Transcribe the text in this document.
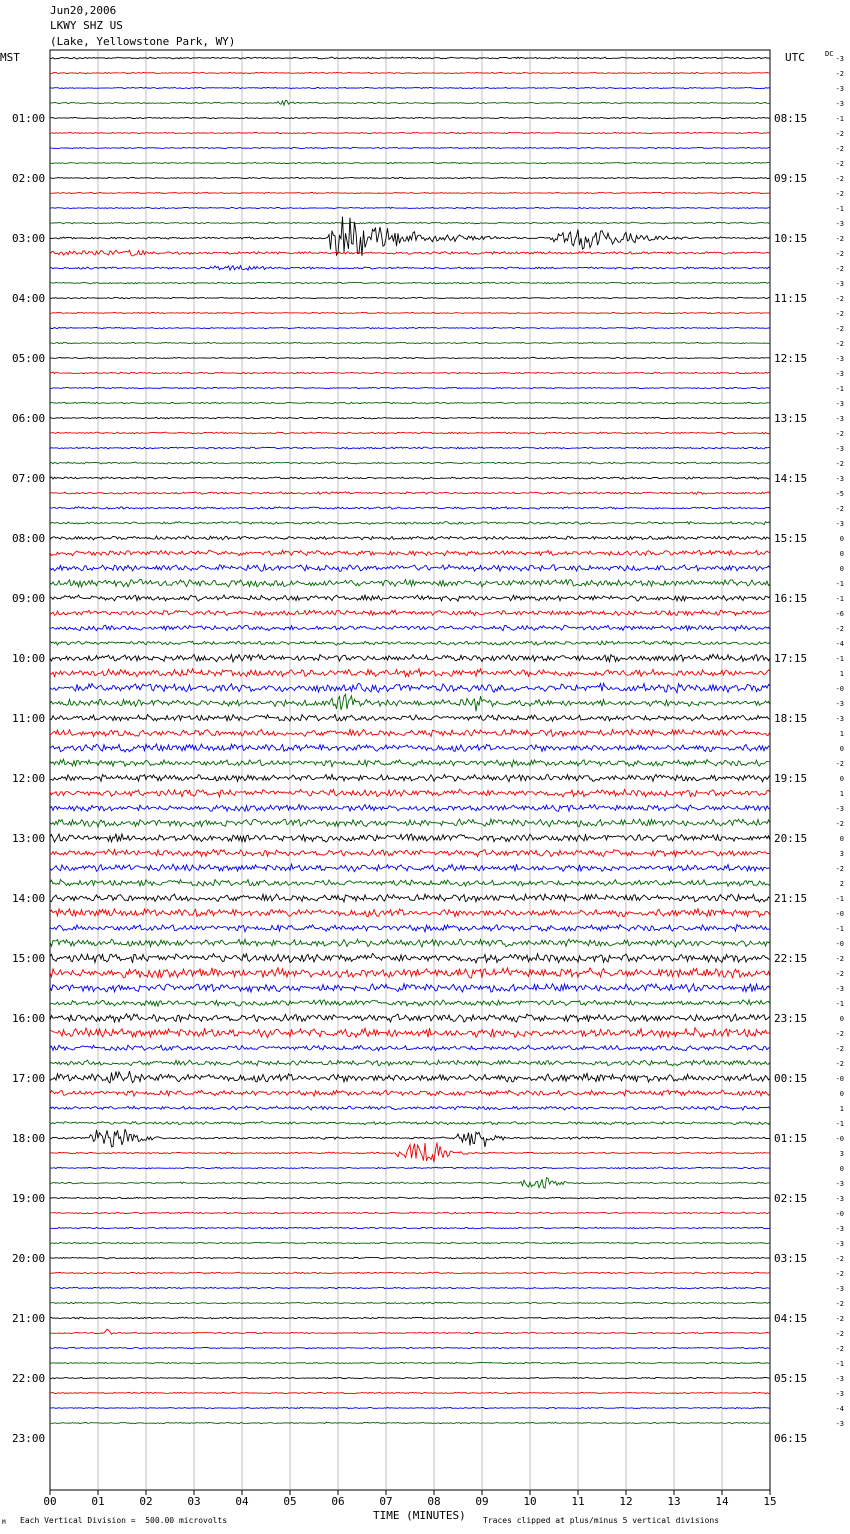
Jun20,2006
LKWY SHZ US
(Lake, Yellowstone Park, WY)
MST	UTC	DC
00	01	02	03	04	05	06	07	08	09	10	11	12	13	14	15
-3
-2
-3
-3
-1
-2
-2
-2
-2
-2
-1
-3
-2
-2
-2
-3
-2
-2
-2
-2
-3
-3
-1
-3
-3
-2
-3
-2
-3
-5
-2
-3
0
0
0
-1
-1
-6
-2
-4
-1
1
-0
-3
-3
1
0
-2
0
1
-3
-2
0
3
-2
2
-1
-0
-1
-0
-2
-2
-3
-1
0
-2
-2
-2
-0
0
1
-1
-0
3
0
-3
-3
-0
-3
-3
-2
-2
-3
-2
-2
-2
-2
-1
-3
-3
-4
-3
01:00
02:00
03:00
04:00
05:00
06:00
07:00
08:00
09:00
10:00
11:00
12:00
13:00
14:00
15:00
16:00
17:00
18:00
19:00
20:00
21:00
22:00
23:00
08:15
09:15
10:15
11:15
12:15
13:15
14:15
15:15
16:15
17:15
18:15
19:15
20:15
21:15
22:15
23:15
00:15
01:15
02:15
03:15
04:15
05:15
06:15
M Each Vertical Division =  500.00 microvolts	TIME (MINUTES) Traces clipped at plus/minus 5 vertical divisions
